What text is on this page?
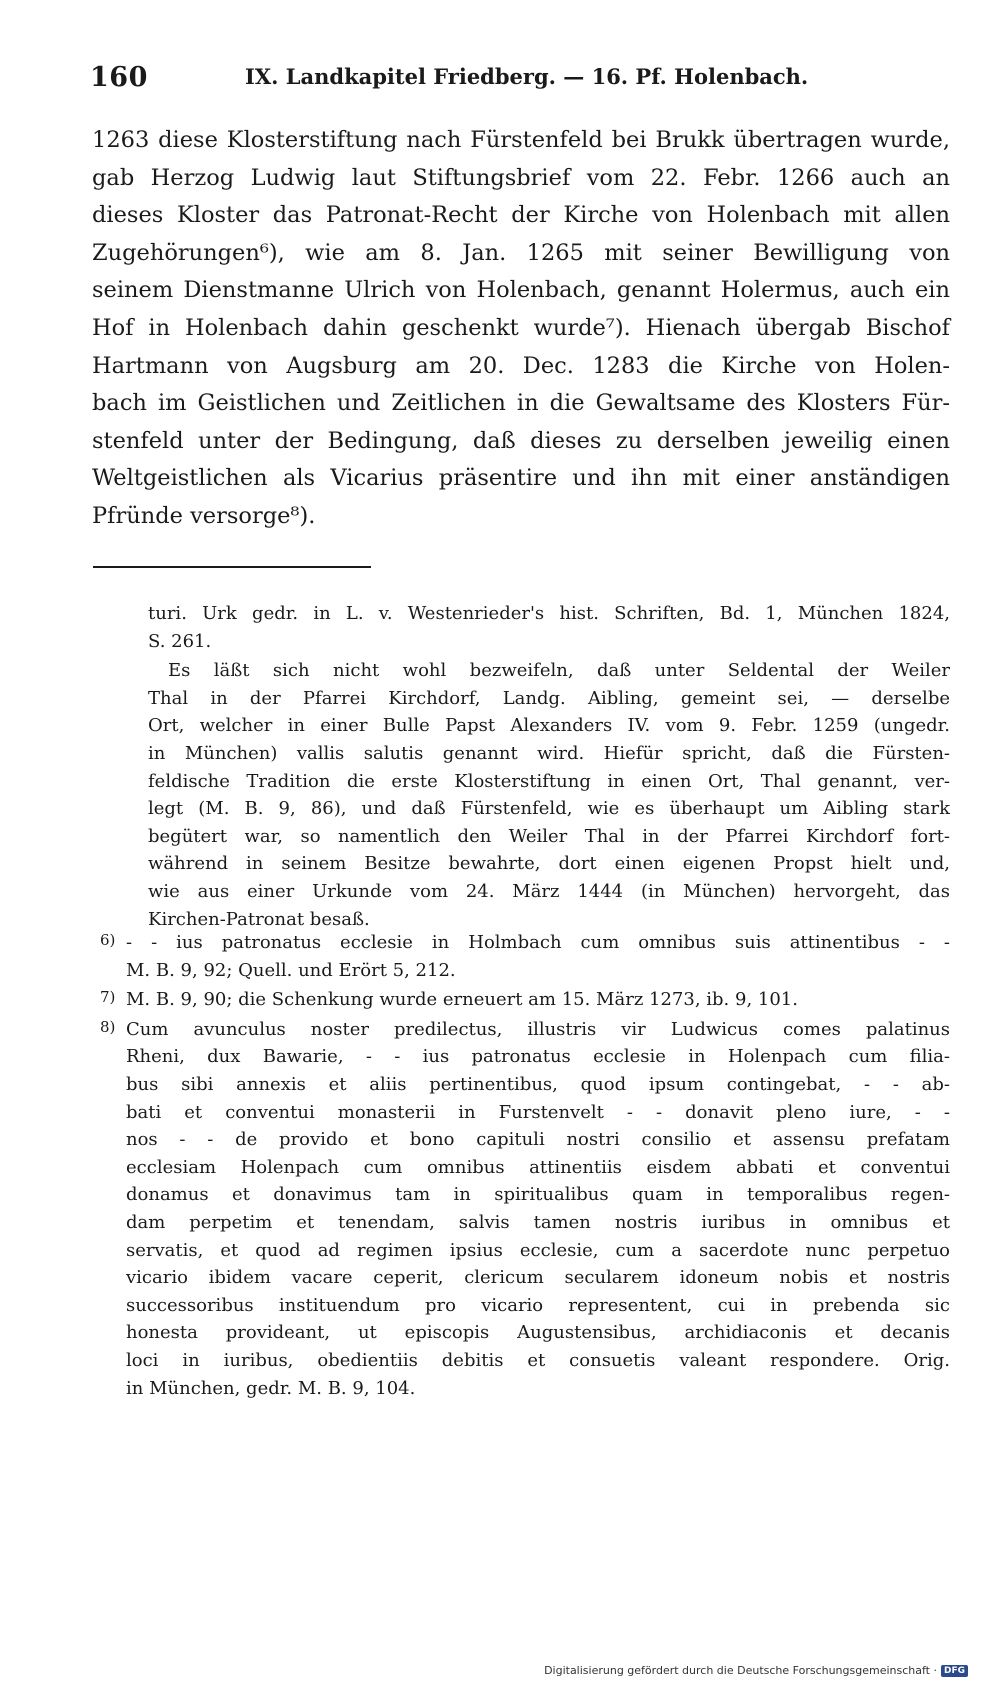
160	IX. Landkapitel Friedberg. — 16. Pf. Holenbach.
1263 diese Klosterstiftung nach Fürstenfeld bei Brukk übertragen wurde,
gab Herzog Ludwig laut Stiftungsbrief vom 22. Febr. 1266 auch an
dieses Kloster das Patronat-Recht der Kirche von Holenbach mit allen
Zugehörungen⁶), wie am 8. Jan. 1265 mit seiner Bewilligung von
seinem Dienstmanne Ulrich von Holenbach, genannt Holermus, auch ein
Hof in Holenbach dahin geschenkt wurde⁷). Hienach übergab Bischof
Hartmann von Augsburg am 20. Dec. 1283 die Kirche von Holen-
bach im Geistlichen und Zeitlichen in die Gewaltsame des Klosters Für-
stenfeld unter der Bedingung, daß dieses zu derselben jeweilig einen
Weltgeistlichen als Vicarius präsentire und ihn mit einer anständigen
Pfründe versorge⁸).
turi. Urk gedr. in L. v. Westenrieder's hist. Schriften, Bd. 1, München 1824,
S. 261.
Es läßt sich nicht wohl bezweifeln, daß unter Seldental der Weiler
Thal in der Pfarrei Kirchdorf, Landg. Aibling, gemeint sei, — derselbe
Ort, welcher in einer Bulle Papst Alexanders IV. vom 9. Febr. 1259 (ungedr.
in München) vallis salutis genannt wird. Hiefür spricht, daß die Fürsten-
feldische Tradition die erste Klosterstiftung in einen Ort, Thal genannt, ver-
legt (M. B. 9, 86), und daß Fürstenfeld, wie es überhaupt um Aibling stark
begütert war, so namentlich den Weiler Thal in der Pfarrei Kirchdorf fort-
während in seinem Besitze bewahrte, dort einen eigenen Propst hielt und,
wie aus einer Urkunde vom 24. März 1444 (in München) hervorgeht, das
Kirchen-Patronat besaß.
6) - - ius patronatus ecclesie in Holmbach cum omnibus suis attinentibus - -
M. B. 9, 92; Quell. und Erört 5, 212.
7) M. B. 9, 90; die Schenkung wurde erneuert am 15. März 1273, ib. 9, 101.
8) Cum avunculus noster predilectus, illustris vir Ludwicus comes palatinus
Rheni, dux Bawarie, - - ius patronatus ecclesie in Holenpach cum filia-
bus sibi annexis et aliis pertinentibus, quod ipsum contingebat, - - ab-
bati et conventui monasterii in Furstenvelt - - donavit pleno iure, - -
nos - - de provido et bono capituli nostri consilio et assensu prefatam
ecclesiam Holenpach cum omnibus attinentiis eisdem abbati et conventui
donamus et donavimus tam in spiritualibus quam in temporalibus regen-
dam perpetim et tenendam, salvis tamen nostris iuribus in omnibus et
servatis, et quod ad regimen ipsius ecclesie, cum a sacerdote nunc perpetuo
vicario ibidem vacare ceperit, clericum secularem idoneum nobis et nostris
successoribus instituendum pro vicario representent, cui in prebenda sic
honesta provideant, ut episcopis Augustensibus, archidiaconis et decanis
loci in iuribus, obedientiis debitis et consuetis valeant respondere. Orig.
in München, gedr. M. B. 9, 104.
Digitalisierung gefördert durch die Deutsche Forschungsgemeinschaft · DFG
